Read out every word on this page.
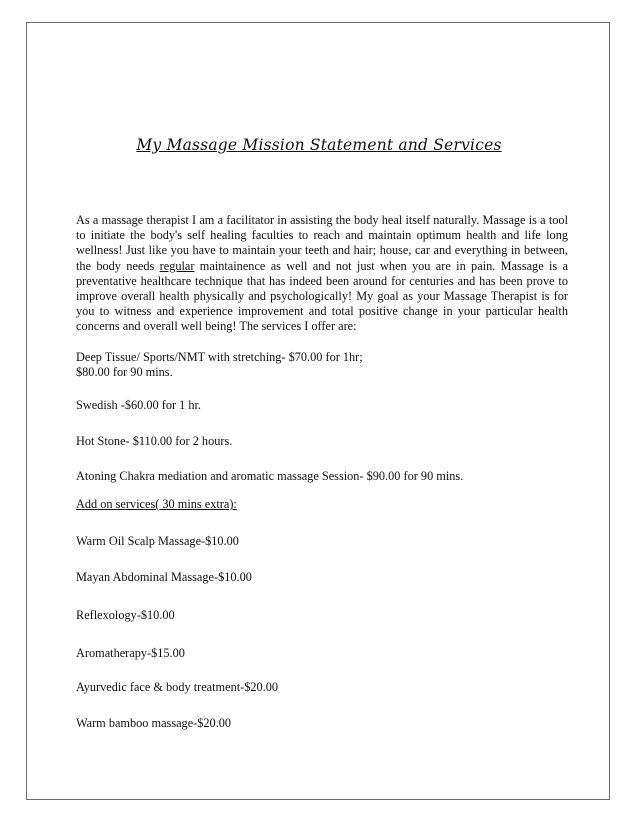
My Massage Mission Statement and Services

As a massage therapist I am a facilitator in assisting the body heal itself naturally. Massage is a tool to initiate the body's self healing faculties to reach and maintain optimum health and life long wellness! Just like you have to maintain your teeth and hair; house, car and everything in between, the body needs regular maintainence as well and not just when you are in pain. Massage is a preventative healthcare technique that has indeed been around for centuries and has been prove to improve overall health physically and psychologically! My goal as your Massage Therapist is for you to witness and experience improvement and total positive change in your particular health concerns and overall well being! The services I offer are:

Deep Tissue/ Sports/NMT with stretching- $70.00 for 1hr;
$80.00 for 90 mins.
Swedish -$60.00 for 1 hr.
Hot Stone- $110.00 for 2 hours.
Atoning Chakra mediation and aromatic massage Session- $90.00 for 90 mins.
Add on services( 30 mins extra):
Warm Oil Scalp Massage-$10.00
Mayan Abdominal Massage-$10.00
Reflexology-$10.00
Aromatherapy-$15.00
Ayurvedic face & body treatment-$20.00
Warm bamboo massage-$20.00
